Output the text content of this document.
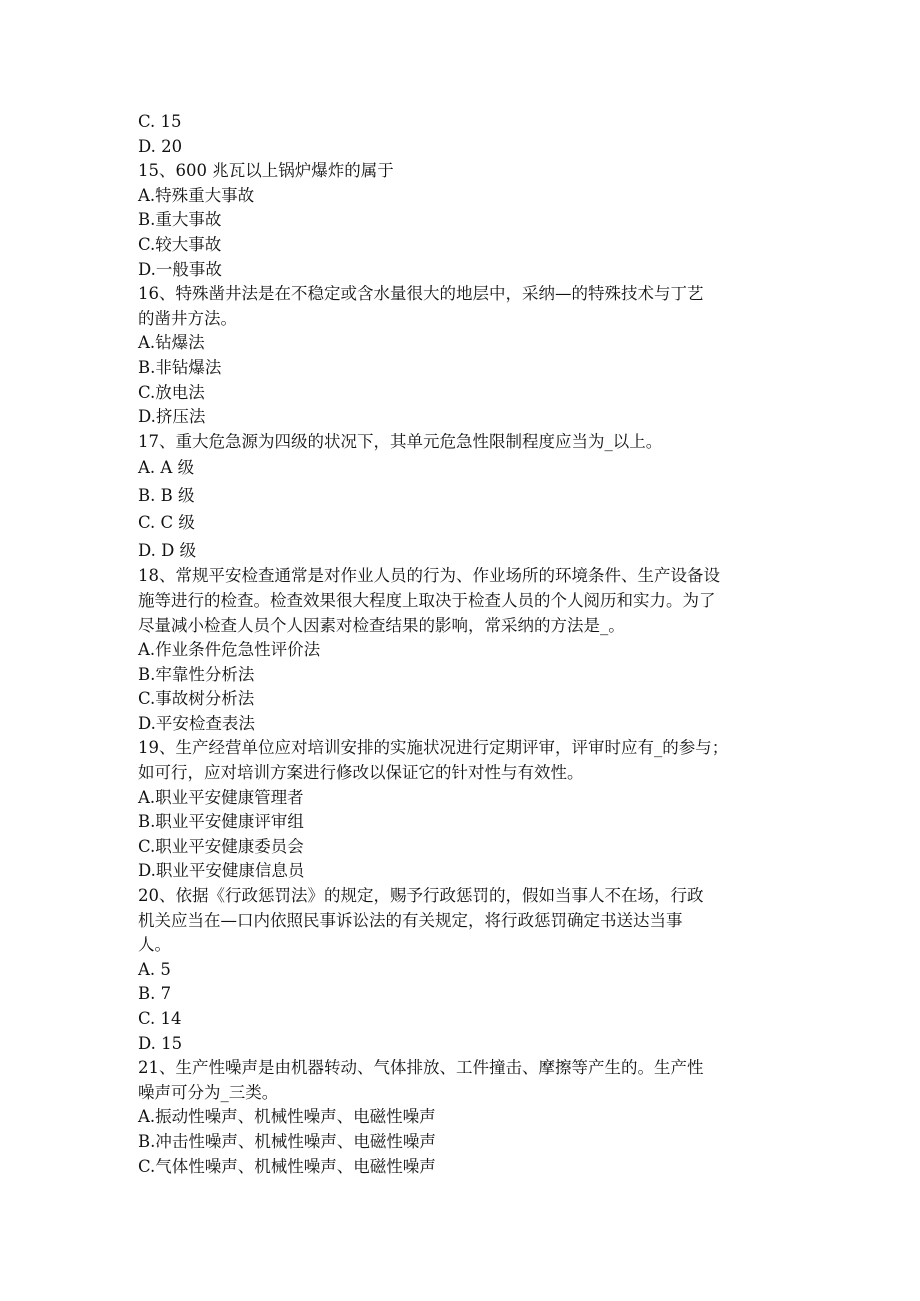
C. 15
D. 20
15、600 兆瓦以上锅炉爆炸的属于
A.特殊重大事故
B.重大事故
C.较大事故
D.一般事故
16、特殊凿井法是在不稳定或含水量很大的地层中，采纳—的特殊技术与丁艺
的凿井方法。
A.钻爆法
B.非钻爆法
C.放电法
D.挤压法
17、重大危急源为四级的状况下，其单元危急性限制程度应当为_以上。
A. A 级
B. B 级
C. C 级
D. D 级
18、常规平安检查通常是对作业人员的行为、作业场所的环境条件、生产设备设
施等进行的检查。检查效果很大程度上取决于检查人员的个人阅历和实力。为了
尽量减小检查人员个人因素对检查结果的影响，常采纳的方法是_。
A.作业条件危急性评价法
B.牢靠性分析法
C.事故树分析法
D.平安检查表法
19、生产经营单位应对培训安排的实施状况进行定期评审，评审时应有_的参与；
如可行，应对培训方案进行修改以保证它的针对性与有效性。
A.职业平安健康管理者
B.职业平安健康评审组
C.职业平安健康委员会
D.职业平安健康信息员
20、依据《行政惩罚法》的规定，赐予行政惩罚的，假如当事人不在场，行政
机关应当在—口内依照民事诉讼法的有关规定，将行政惩罚确定书送达当事
人。
A. 5
B. 7
C. 14
D. 15
21、生产性噪声是由机器转动、气体排放、工件撞击、摩擦等产生的。生产性
噪声可分为_三类。
A.振动性噪声、机械性噪声、电磁性噪声
B.冲击性噪声、机械性噪声、电磁性噪声
C.气体性噪声、机械性噪声、电磁性噪声
